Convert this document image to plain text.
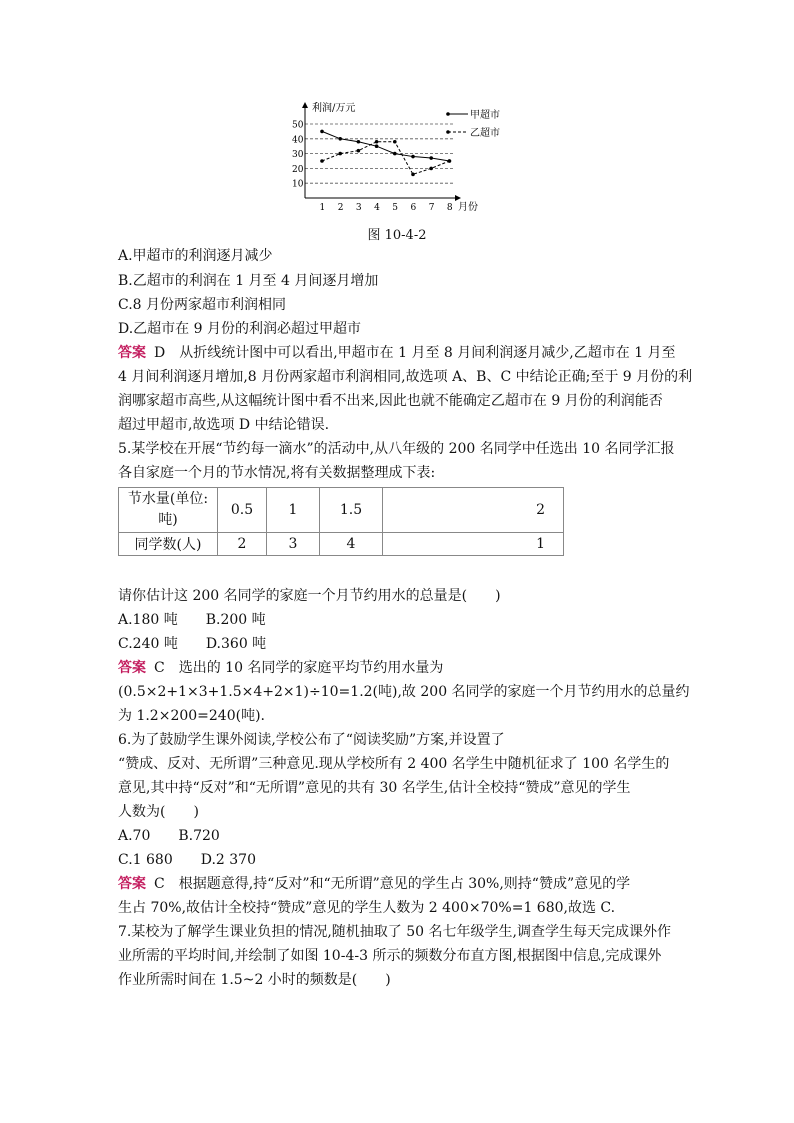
利润/万元
月份
10
20
30
40
50
1 2 3 4 5 6 7 8
甲超市
乙超市
图 10-4-2
A.甲超市的利润逐月减少
B.乙超市的利润在 1 月至 4 月间逐月增加
C.8 月份两家超市利润相同
D.乙超市在 9 月份的利润必超过甲超市
答案 D　从折线统计图中可以看出,甲超市在 1 月至 8 月间利润逐月减少,乙超市在 1 月至
4 月间利润逐月增加,8 月份两家超市利润相同,故选项 A、B、C 中结论正确;至于 9 月份的利
润哪家超市高些,从这幅统计图中看不出来,因此也就不能确定乙超市在 9 月份的利润能否
超过甲超市,故选项 D 中结论错误.
5.某学校在开展“节约每一滴水”的活动中,从八年级的 200 名同学中任选出 10 名同学汇报
各自家庭一个月的节水情况,将有关数据整理成下表:
节水量(单位:
吨)	0.5	1	1.5	2
同学数(人)	2	3	4	1
请你估计这 200 名同学的家庭一个月节约用水的总量是(　　)
A.180 吨　　B.200 吨
C.240 吨　　D.360 吨
答案 C　选出的 10 名同学的家庭平均节约用水量为
(0.5×2+1×3+1.5×4+2×1)÷10=1.2(吨),故 200 名同学的家庭一个月节约用水的总量约
为 1.2×200=240(吨).
6.为了鼓励学生课外阅读,学校公布了“阅读奖励”方案,并设置了
“赞成、反对、无所谓”三种意见.现从学校所有 2 400 名学生中随机征求了 100 名学生的
意见,其中持“反对”和“无所谓”意见的共有 30 名学生,估计全校持“赞成”意见的学生
人数为(　　)
A.70　　B.720
C.1 680　　D.2 370
答案 C　根据题意得,持“反对”和“无所谓”意见的学生占 30%,则持“赞成”意见的学
生占 70%,故估计全校持“赞成”意见的学生人数为 2 400×70%=1 680,故选 C.
7.某校为了解学生课业负担的情况,随机抽取了 50 名七年级学生,调查学生每天完成课外作
业所需的平均时间,并绘制了如图 10-4-3 所示的频数分布直方图,根据图中信息,完成课外
作业所需时间在 1.5~2 小时的频数是(　　)
